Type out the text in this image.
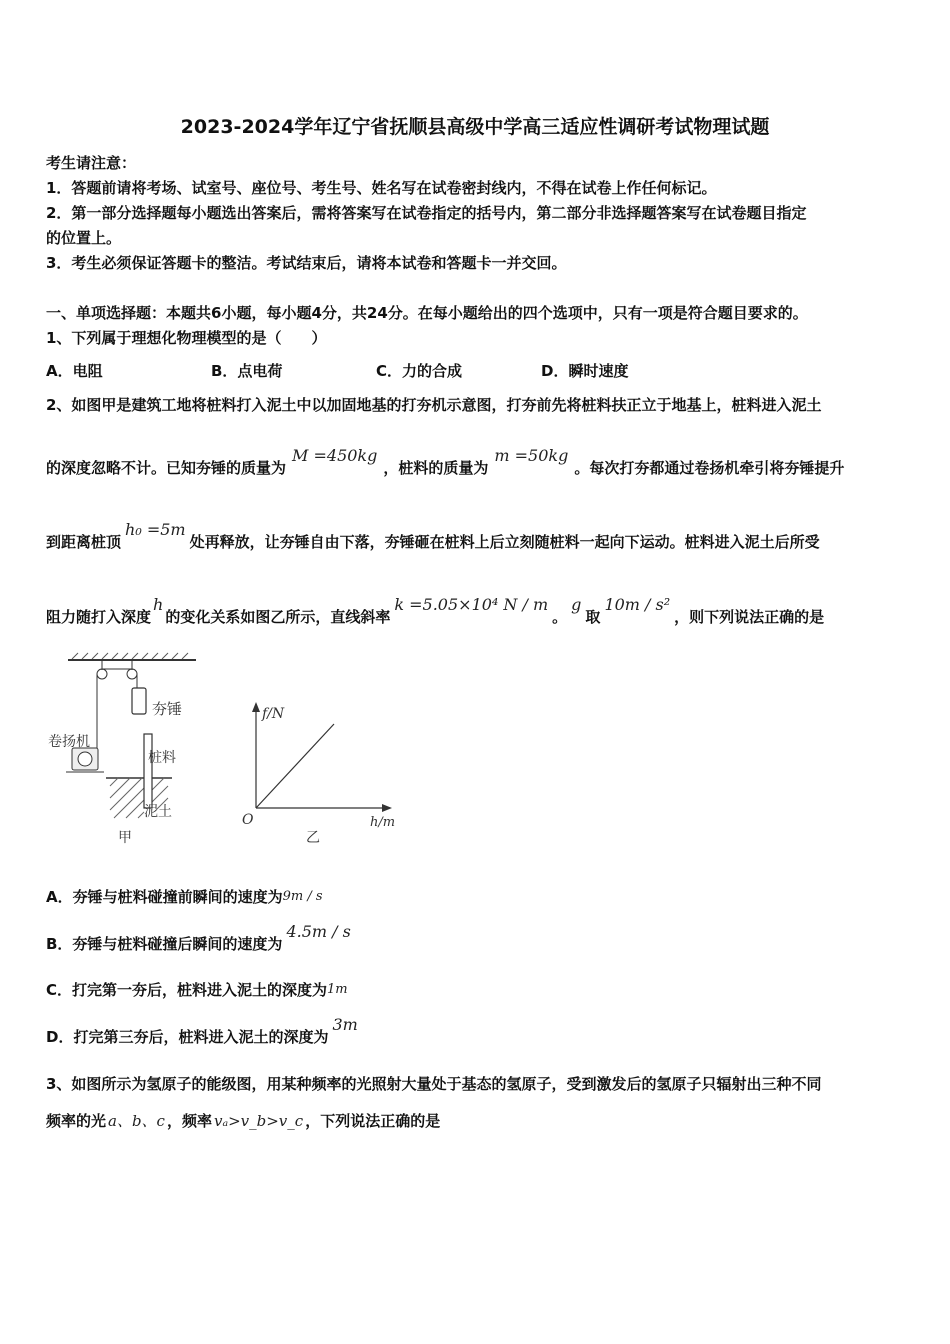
2023-2024学年辽宁省抚顺县高级中学高三适应性调研考试物理试题
考生请注意：
1．答题前请将考场、试室号、座位号、考生号、姓名写在试卷密封线内，不得在试卷上作任何标记。
2．第一部分选择题每小题选出答案后，需将答案写在试卷指定的括号内，第二部分非选择题答案写在试卷题目指定
的位置上。
3．考生必须保证答题卡的整洁。考试结束后，请将本试卷和答题卡一并交回。
一、单项选择题：本题共6小题，每小题4分，共24分。在每小题给出的四个选项中，只有一项是符合题目要求的。
1、下列属于理想化物理模型的是（　　）
A．电阻	B．点电荷	C．力的合成	D．瞬时速度
2、如图甲是建筑工地将桩料打入泥土中以加固地基的打夯机示意图，打夯前先将桩料扶正立于地基上，桩料进入泥土
的深度忽略不计。已知夯锤的质量为M =450kg，桩料的质量为m =50kg。每次打夯都通过卷扬机牵引将夯锤提升
到距离桩顶h₀ =5m处再释放，让夯锤自由下落，夯锤砸在桩料上后立刻随桩料一起向下运动。桩料进入泥土后所受
阻力随打入深度h的变化关系如图乙所示，直线斜率k =5.05×10⁴ N / m。g取10m / s²，则下列说法正确的是
夯锤
卷扬机
桩料
泥土
甲
f/N
h/m
O
乙
A．夯锤与桩料碰撞前瞬间的速度为9m / s
B．夯锤与桩料碰撞后瞬间的速度为4.5m / s
C．打完第一夯后，桩料进入泥土的深度为1m
D．打完第三夯后，桩料进入泥土的深度为3m
3、如图所示为氢原子的能级图，用某种频率的光照射大量处于基态的氢原子，受到激发后的氢原子只辐射出三种不同
频率的光 a、b、c ，频率 vₐ>v_b>v_c ，下列说法正确的是
